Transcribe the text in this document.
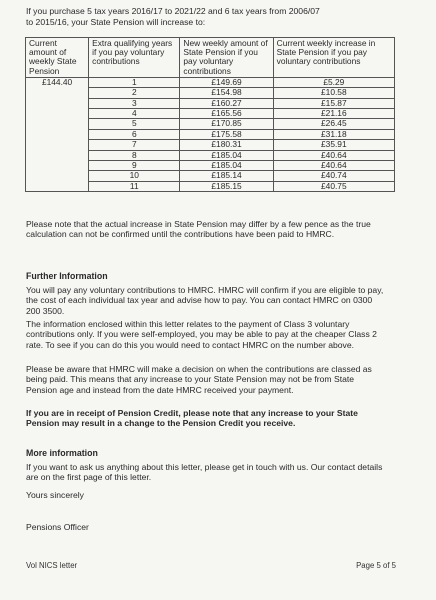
If you purchase 5 tax years 2016/17 to 2021/22 and 6 tax years from 2006/07 to 2015/16, your State Pension will increase to:
Current amount of weekly State Pension	Extra qualifying years if you pay voluntary contributions	New weekly amount of State Pension if you pay voluntary contributions	Current weekly increase in State Pension if you pay voluntary contributions
£144.40	1	£149.69	£5.29
	2	£154.98	£10.58
	3	£160.27	£15.87
	4	£165.56	£21.16
	5	£170.85	£26.45
	6	£175.58	£31.18
	7	£180.31	£35.91
	8	£185.04	£40.64
	9	£185.04	£40.64
	10	£185.14	£40.74
	11	£185.15	£40.75
Please note that the actual increase in State Pension may differ by a few pence as the true calculation can not be confirmed until the contributions have been paid to HMRC.
Further Information
You will pay any voluntary contributions to HMRC. HMRC will confirm if you are eligible to pay, the cost of each individual tax year and advise how to pay. You can contact HMRC on 0300 200 3500.
The information enclosed within this letter relates to the payment of Class 3 voluntary contributions only. If you were self-employed, you may be able to pay at the cheaper Class 2 rate. To see if you can do this you would need to contact HMRC on the number above.
Please be aware that HMRC will make a decision on when the contributions are classed as being paid. This means that any increase to your State Pension may not be from State Pension age and instead from the date HMRC received your payment.
If you are in receipt of Pension Credit, please note that any increase to your State Pension may result in a change to the Pension Credit you receive.
More information
If you want to ask us anything about this letter, please get in touch with us. Our contact details are on the first page of this letter.
Yours sincerely
Pensions Officer
Vol NICS letter	Page 5 of 5
